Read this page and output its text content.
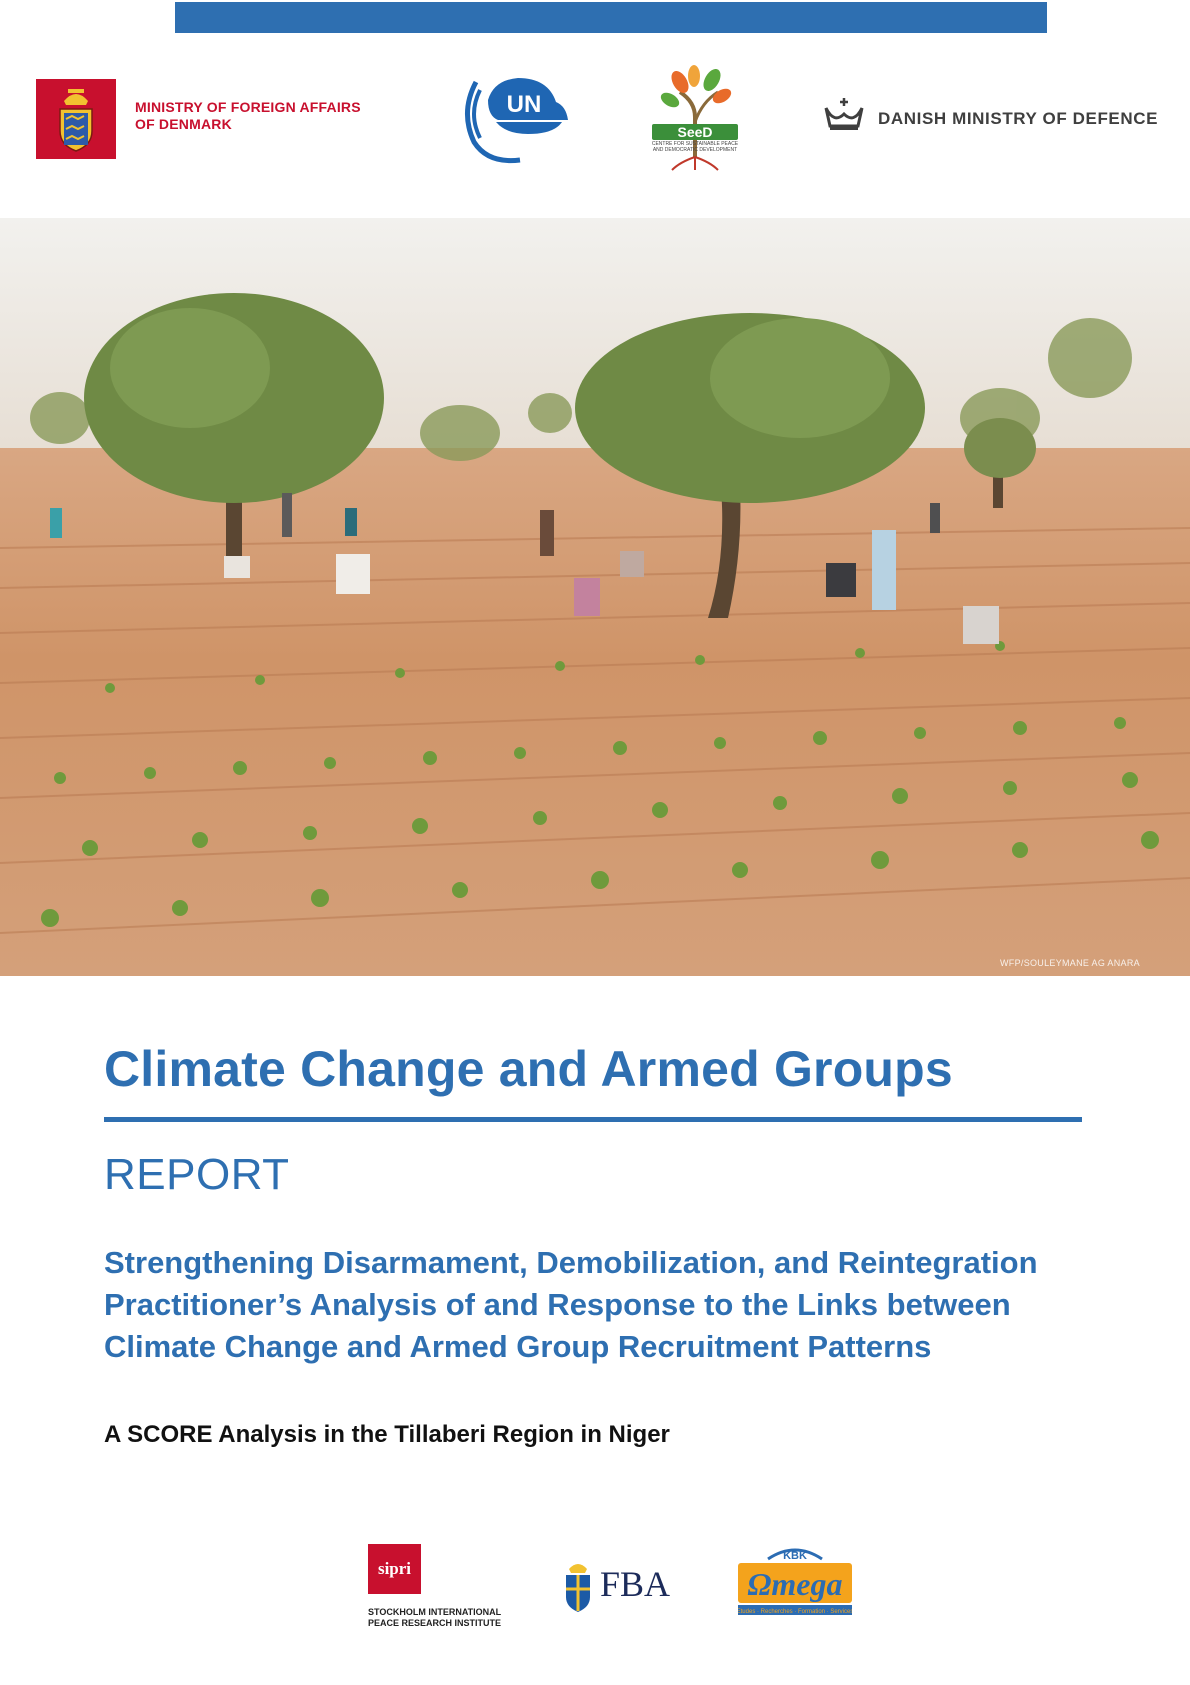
MINISTRY OF FOREIGN AFFAIRS
OF DENMARK
UN
SeeD
CENTRE FOR SUSTAINABLE PEACE AND DEMOCRATIC DEVELOPMENT
DANISH MINISTRY OF DEFENCE
WFP/SOULEYMANE AG ANARA
Climate Change and Armed Groups
REPORT
Strengthening Disarmament, Demobilization, and Reintegration Practitioner’s Analysis of and Response to the Links between Climate Change and Armed Group Recruitment Patterns
A SCORE Analysis in the Tillaberi Region in Niger
sipri
STOCKHOLM INTERNATIONAL
PEACE RESEARCH INSTITUTE
FBA
KBK
Ωmega
Etudes · Recherches · Formation · Services
